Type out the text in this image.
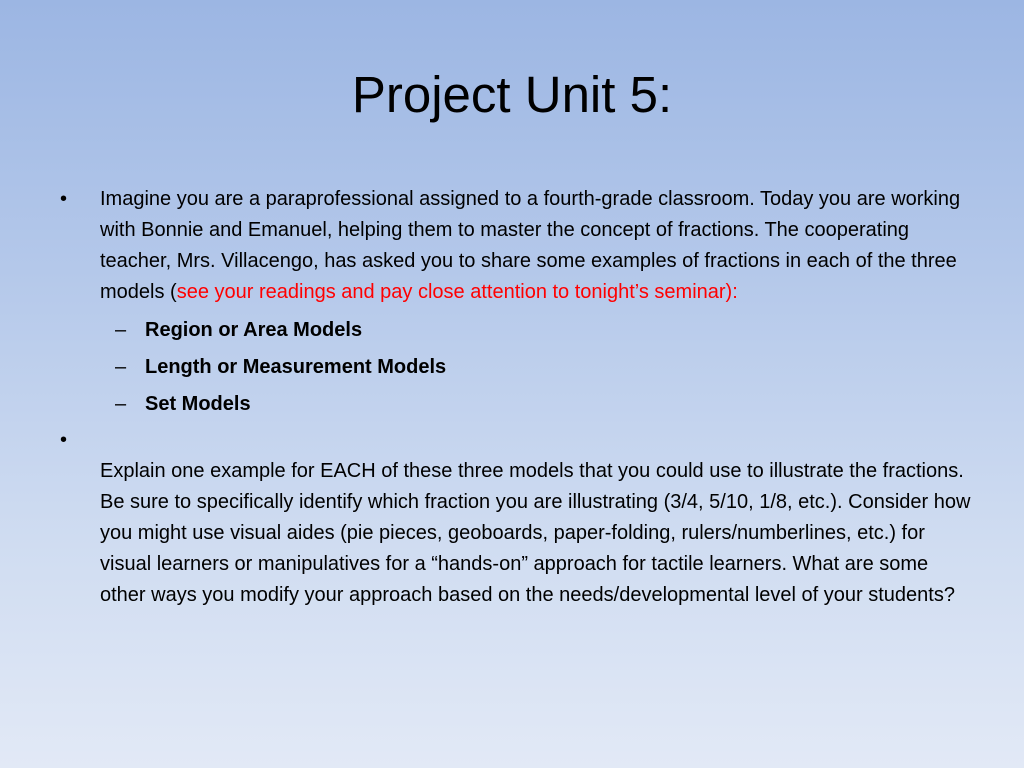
Project Unit 5:
• Imagine you are a paraprofessional assigned to a fourth-grade classroom. Today you are working with Bonnie and Emanuel, helping them to master the concept of fractions. The cooperating teacher, Mrs. Villacengo, has asked you to share some examples of fractions in each of the three models (see your readings and pay close attention to tonight’s seminar):
– Region or Area Models
– Length or Measurement Models
– Set Models
•
Explain one example for EACH of these three models that you could use to illustrate the fractions. Be sure to specifically identify which fraction you are illustrating (3/4, 5/10, 1/8, etc.). Consider how you might use visual aides (pie pieces, geoboards, paper-folding, rulers/numberlines, etc.) for visual learners or manipulatives for a “hands-on” approach for tactile learners. What are some other ways you modify your approach based on the needs/developmental level of your students?
